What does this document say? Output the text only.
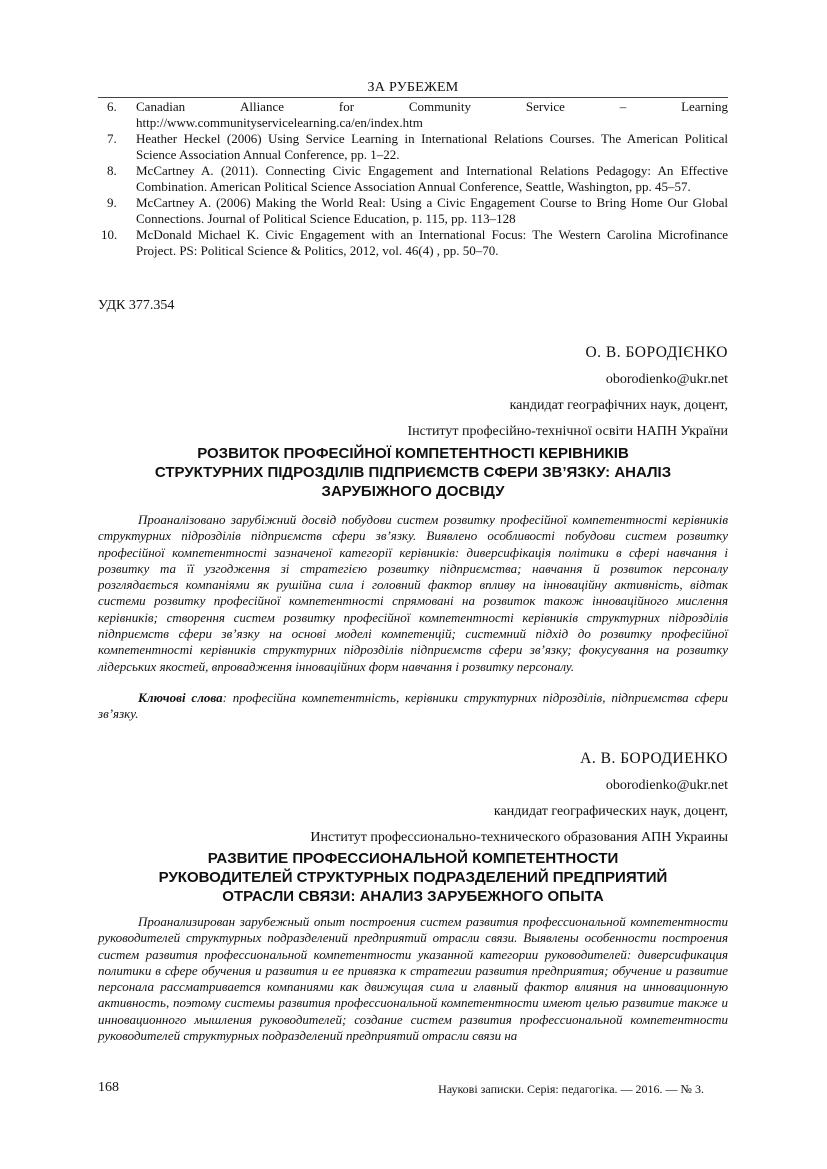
ЗА РУБЕЖЕМ
6. Canadian	Alliance	for	Community	Service	–	Learning
http://www.communityservicelearning.ca/en/index.htm
7. Heather Heckel (2006) Using Service Learning in International Relations Courses. The American Political Science Association Annual Conference, pp. 1–22.
8. McCartney A. (2011). Connecting Civic Engagement and International Relations Pedagogy: An Effective Combination. American Political Science Association Annual Conference, Seattle, Washington, pp. 45–57.
9. McCartney A. (2006) Making the World Real: Using a Civic Engagement Course to Bring Home Our Global Connections. Journal of Political Science Education, p. 115, pp. 113–128
10. McDonald Michael K. Civic Engagement with an International Focus: The Western Carolina Microfinance Project. PS: Political Science & Politics, 2012, vol. 46(4) , pp. 50–70.
УДК 377.354
О. В. БОРОДІЄНКО
oborodienko@ukr.net
кандидат географічних наук, доцент,
Інститут професійно-технічної освіти НАПН України
РОЗВИТОК ПРОФЕСІЙНОЇ КОМПЕТЕНТНОСТІ КЕРІВНИКІВ
СТРУКТУРНИХ ПІДРОЗДІЛІВ ПІДПРИЄМСТВ СФЕРИ ЗВ’ЯЗКУ: АНАЛІЗ
ЗАРУБІЖНОГО ДОСВІДУ

Проаналізовано зарубіжний досвід побудови систем розвитку професійної компетентності керівників структурних підрозділів підприємств сфери зв’язку. Виявлено особливості побудови систем розвитку професійної компетентності зазначеної категорії керівників: диверсифікація політики в сфері навчання і розвитку та її узгодження зі стратегією розвитку підприємства; навчання й розвиток персоналу розглядається компаніями як рушійна сила і головний фактор впливу на інноваційну активність, відтак системи розвитку професійної компетентності спрямовані на розвиток також інноваційного мислення керівників; створення систем розвитку професійної компетентності керівників структурних підрозділів підприємств сфери зв’язку на основі моделі компетенцій; системний підхід до розвитку професійної компетентності керівників структурних підрозділів підприємств сфери зв’язку; фокусування на розвитку лідерських якостей, впровадження інноваційних форм навчання і розвитку персоналу.

Ключові слова: професійна компетентність, керівники структурних підрозділів, підприємства сфери зв’язку.

А. В. БОРОДИЕНКО
oborodienko@ukr.net
кандидат географических наук, доцент,
Институт профессионально-технического образования АПН Украины
РАЗВИТИЕ ПРОФЕССИОНАЛЬНОЙ КОМПЕТЕНТНОСТИ
РУКОВОДИТЕЛЕЙ СТРУКТУРНЫХ ПОДРАЗДЕЛЕНИЙ ПРЕДПРИЯТИЙ
ОТРАСЛИ СВЯЗИ: АНАЛИЗ ЗАРУБЕЖНОГО ОПЫТА

Проанализирован зарубежный опыт построения систем развития профессиональной компетентности руководителей структурных подразделений предприятий отрасли связи. Выявлены особенности построения систем развития профессиональной компетентности указанной категории руководителей: диверсификация политики в сфере обучения и развития и ее привязка к стратегии развития предприятия; обучение и развитие персонала рассматривается компаниями как движущая сила и главный фактор влияния на инновационную активность, поэтому системы развития профессиональной компетентности имеют целью развитие также и инновационного мышления руководителей; создание систем развития профессиональной компетентности руководителей структурных подразделений предприятий отрасли связи на

168	Наукові записки. Серія: педагогіка. — 2016. — № 3.
